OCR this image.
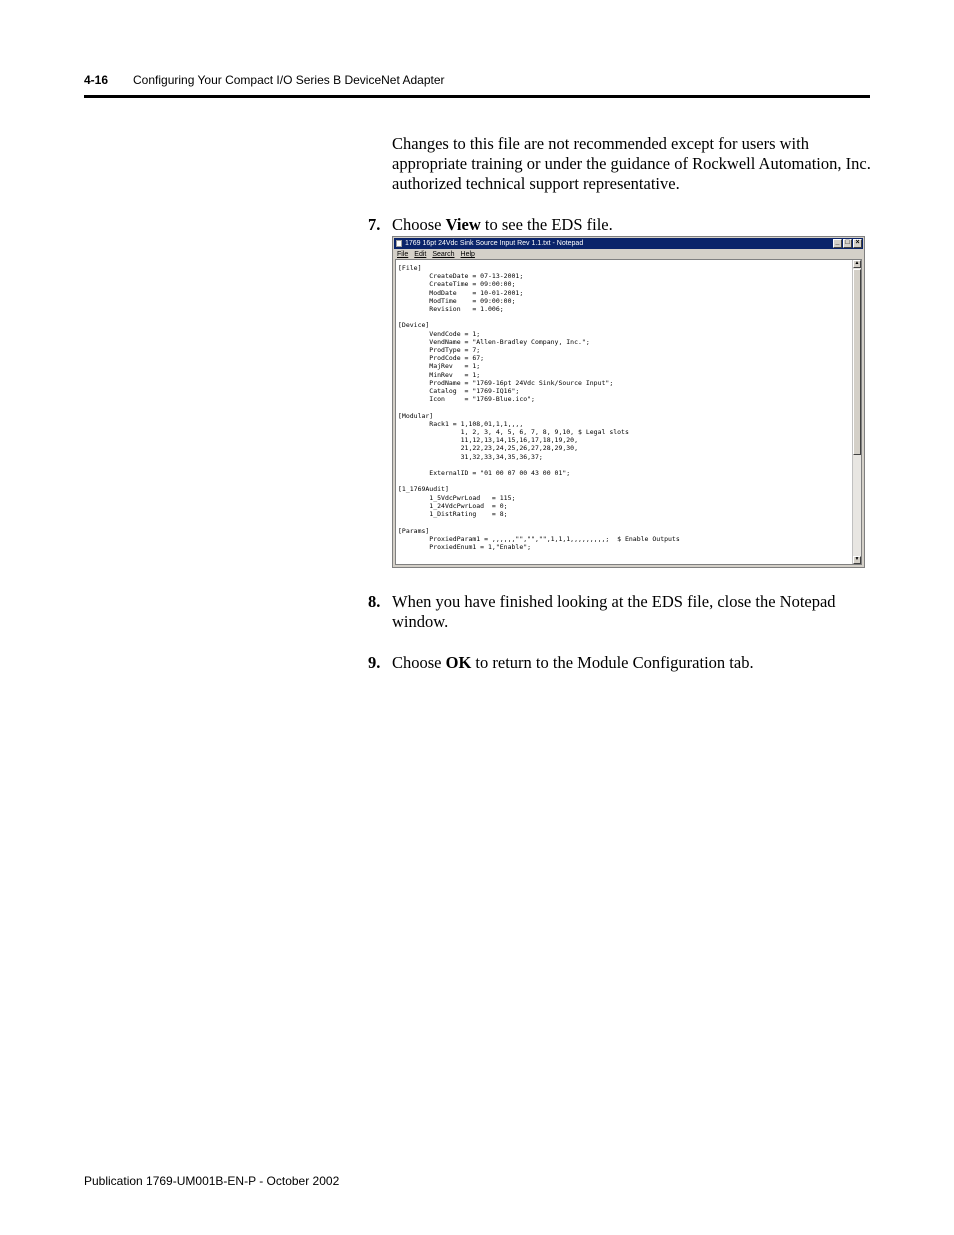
4-16 Configuring Your Compact I/O Series B DeviceNet Adapter
Changes to this file are not recommended except for users with appropriate training or under the guidance of Rockwell Automation, Inc. authorized technical support representative.
7. Choose View to see the EDS file.
1769 16pt 24Vdc Sink Source Input Rev 1.1.txt - Notepad	_ □ ×
File Edit Search Help
[File]
CreateDate = 07-13-2001;
CreateTime = 09:00:00;
ModDate    = 10-01-2001;
ModTime    = 09:00:00;
Revision   = 1.006;

[Device]
VendCode = 1;
VendName = "Allen-Bradley Company, Inc.";
ProdType = 7;
ProdCode = 67;
MajRev   = 1;
MinRev   = 1;
ProdName = "1769-16pt 24Vdc Sink/Source Input";
Catalog  = "1769-IQ16";
Icon     = "1769-Blue.ico";

[Modular]
Rack1 = 1,108,01,1,1,,,,
1, 2, 3, 4, 5, 6, 7, 8, 9,10, $ Legal slots
11,12,13,14,15,16,17,18,19,20,
21,22,23,24,25,26,27,28,29,30,
31,32,33,34,35,36,37;

ExternalID = "01 00 07 00 43 00 01";

[1_1769Audit]
1_5VdcPwrLoad   = 115;
1_24VdcPwrLoad  = 0;
1_DistRating    = 8;

[Params]
ProxiedParam1 = ,,,,,,"","","",1,1,1,,,,,,,,,;  $ Enable Outputs
ProxiedEnum1 = 1,"Enable";
▲
▼
8. When you have finished looking at the EDS file, close the Notepad window.
9. Choose OK to return to the Module Configuration tab.
Publication 1769-UM001B-EN-P - October 2002
